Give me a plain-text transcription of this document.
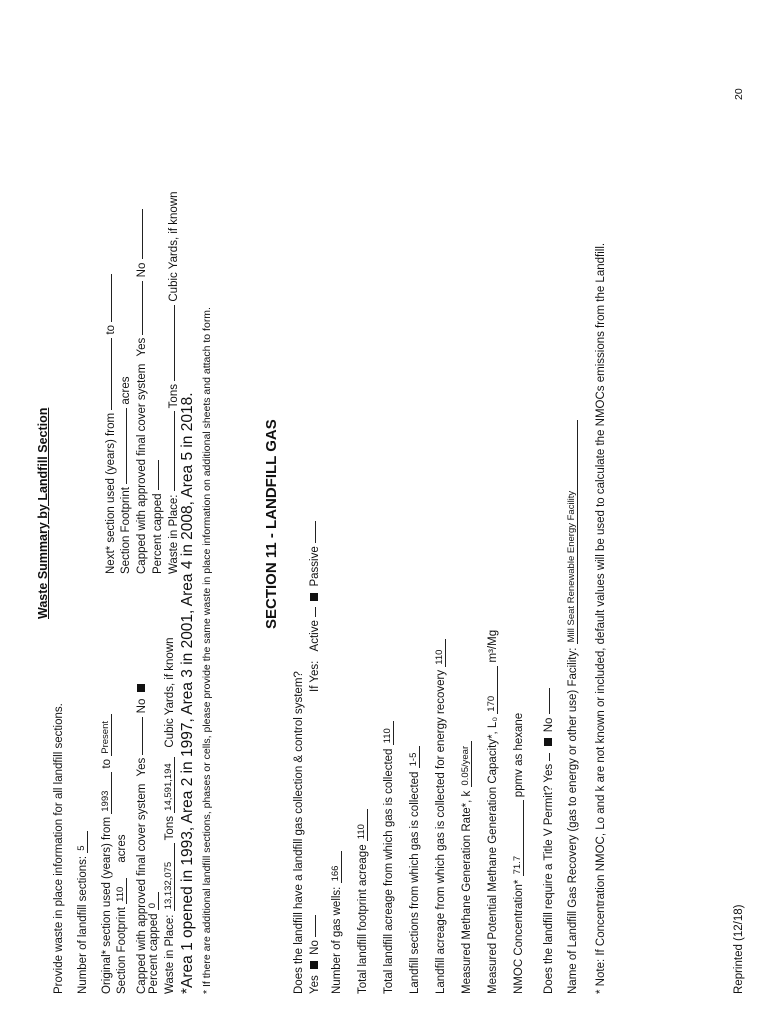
Waste Summary by Landfill Section
Provide waste in place information for all landfill sections. Number of landfill sections: 5 Original* section used (years) from 1993 to Present
Section Footprint 110 acres Capped with approved final cover system Yes  No
Percent capped 0
Waste in Place: 13,132,075 Tons 14,591,194 Cubic Yards, if known
Next* section used (years) from  to
Section Footprint  acres Capped with approved final cover system Yes  No
Percent capped Waste in Place:  Tons  Cubic Yards, if known
*Area 1 opened in 1993, Area 2 in 1997, Area 3 in 2001, Area 4 in 2008, Area 5 in 2018. * If there are additional landfill sections, phases or cells, please provide the same waste in place information on additional sheets and attach to form.	SECTION 11 - LANDFILL GAS
Does the landfill have a landfill gas collection & control system? Yes  No
If Yes: Active   Passive
Number of gas wells: 166 Total landfill footprint acreage 110 Total landfill acreage from which gas is collected 110
Landfill sections from which gas is collected 1-5 Landfill acreage from which gas is collected for energy recovery 110
Measured Methane Generation Rate*, k 0.05/year Measured Potential Methane Generation Capacity*, L₀ 170 m³/Mg
NMOC Concentration* 71.7 ppmv as hexane
Does the landfill require a Title V Permit? Yes   No Name of Landfill Gas Recovery (gas to energy or other use) Facility: Mill Seat Renewable Energy Facility * Note: If Concentration NMOC, Lo and k are not known or included, default values will be used to calculate the NMOCs emissions from the Landfill.	Reprinted (12/18)
20
